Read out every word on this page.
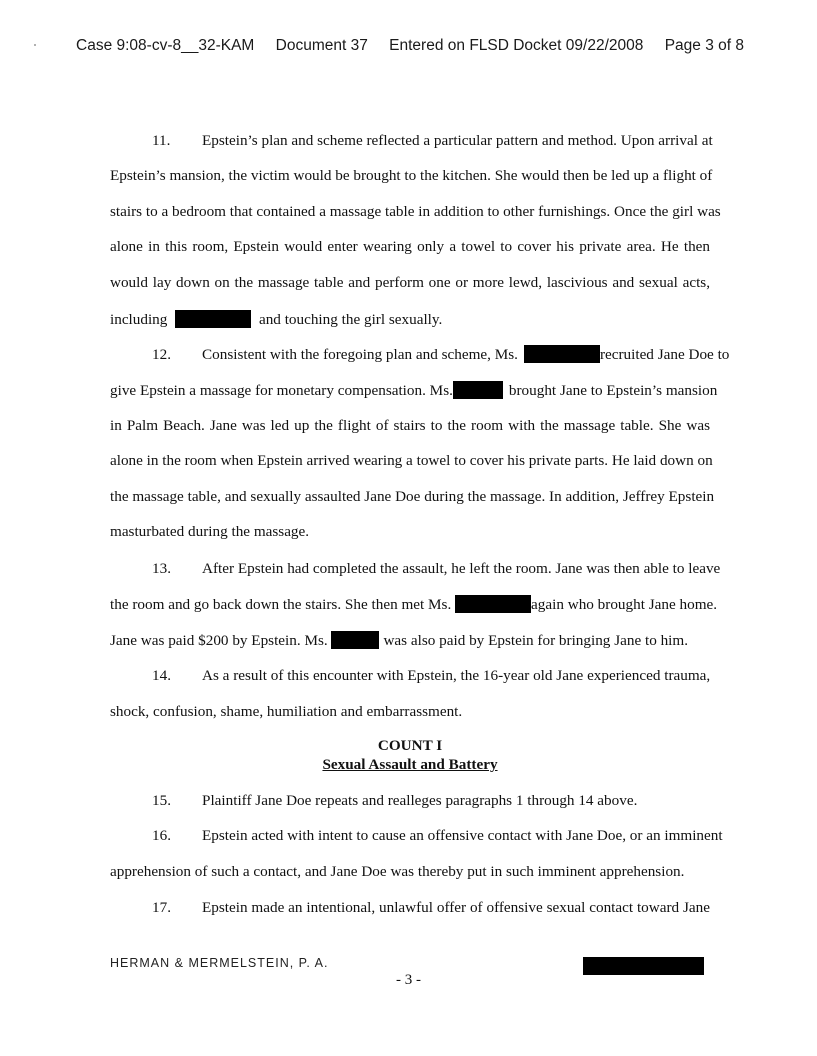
Case 9:08-cv-8__32-KAM Document 37 Entered on FLSD Docket 09/22/2008 Page 3 of 8
11. Epstein’s plan and scheme reflected a particular pattern and method. Upon arrival at
Epstein’s mansion, the victim would be brought to the kitchen. She would then be led up a flight of
stairs to a bedroom that contained a massage table in addition to other furnishings. Once the girl was
alone in this room, Epstein would enter wearing only a towel to cover his private area. He then
would lay down on the massage table and perform one or more lewd, lascivious and sexual acts,
including	and touching the girl sexually.
12. Consistent with the foregoing plan and scheme, Ms.	recruited Jane Doe to
give Epstein a massage for monetary compensation. Ms.	brought Jane to Epstein’s mansion
in Palm Beach. Jane was led up the flight of stairs to the room with the massage table. She was
alone in the room when Epstein arrived wearing a towel to cover his private parts. He laid down on
the massage table, and sexually assaulted Jane Doe during the massage. In addition, Jeffrey Epstein
masturbated during the massage.
13. After Epstein had completed the assault, he left the room. Jane was then able to leave
the room and go back down the stairs. She then met Ms.	again who brought Jane home.
Jane was paid $200 by Epstein. Ms.	was also paid by Epstein for bringing Jane to him.
14. As a result of this encounter with Epstein, the 16-year old Jane experienced trauma,
shock, confusion, shame, humiliation and embarrassment.
COUNT I
Sexual Assault and Battery
15. Plaintiff Jane Doe repeats and realleges paragraphs 1 through 14 above.
16. Epstein acted with intent to cause an offensive contact with Jane Doe, or an imminent
apprehension of such a contact, and Jane Doe was thereby put in such imminent apprehension.
17. Epstein made an intentional, unlawful offer of offensive sexual contact toward Jane
HERMAN & MERMELSTEIN, P. A.
- 3 -
